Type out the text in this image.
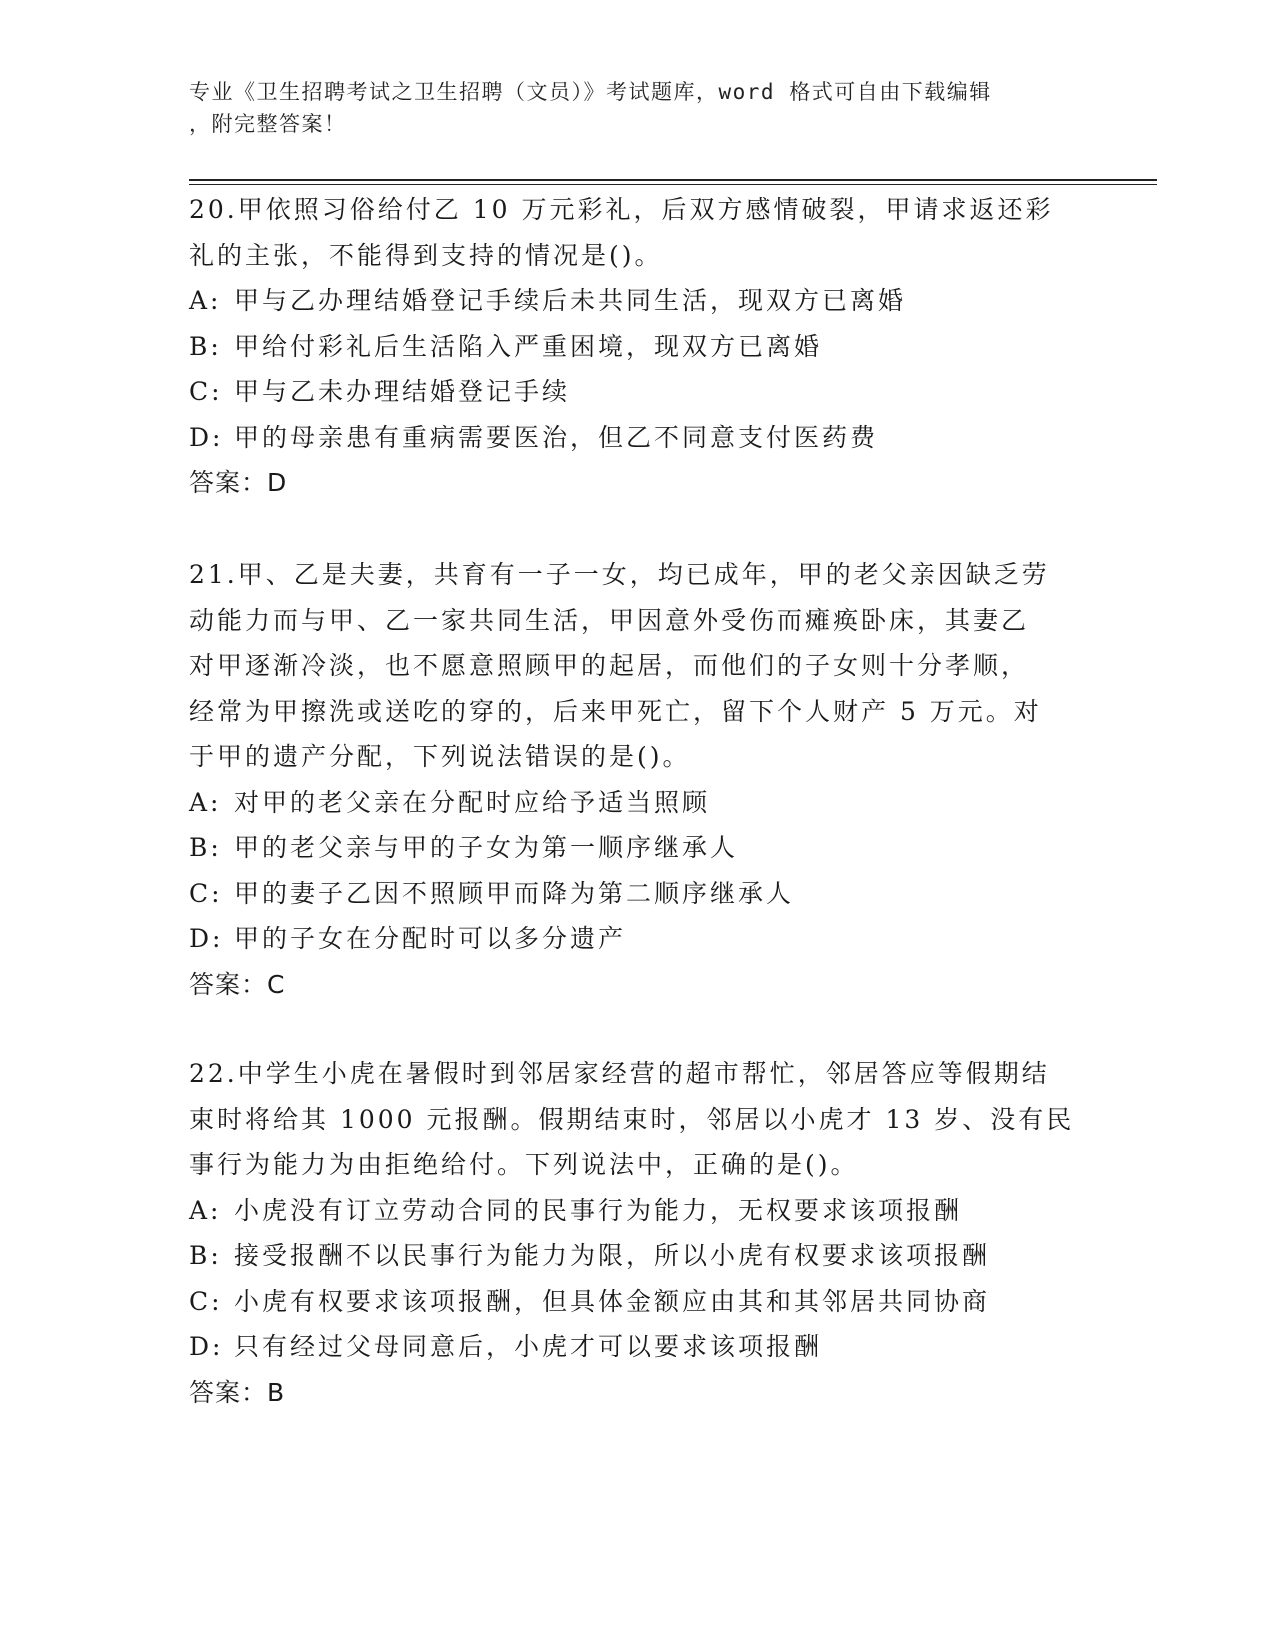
专业《卫生招聘考试之卫生招聘（文员）》考试题库，word 格式可自由下载编辑
，附完整答案！
20.甲依照习俗给付乙 10 万元彩礼，后双方感情破裂，甲请求返还彩
礼的主张，不能得到支持的情况是()。
A: 甲与乙办理结婚登记手续后未共同生活，现双方已离婚
B: 甲给付彩礼后生活陷入严重困境，现双方已离婚
C: 甲与乙未办理结婚登记手续
D: 甲的母亲患有重病需要医治，但乙不同意支付医药费
答案：D
21.甲、乙是夫妻，共育有一子一女，均已成年，甲的老父亲因缺乏劳
动能力而与甲、乙一家共同生活，甲因意外受伤而瘫痪卧床，其妻乙
对甲逐渐冷淡，也不愿意照顾甲的起居，而他们的子女则十分孝顺，
经常为甲擦洗或送吃的穿的，后来甲死亡，留下个人财产 5 万元。对
于甲的遗产分配，下列说法错误的是()。
A: 对甲的老父亲在分配时应给予适当照顾
B: 甲的老父亲与甲的子女为第一顺序继承人
C: 甲的妻子乙因不照顾甲而降为第二顺序继承人
D: 甲的子女在分配时可以多分遗产
答案：C
22.中学生小虎在暑假时到邻居家经营的超市帮忙，邻居答应等假期结
束时将给其 1000 元报酬。假期结束时，邻居以小虎才 13 岁、没有民
事行为能力为由拒绝给付。下列说法中，正确的是()。
A: 小虎没有订立劳动合同的民事行为能力，无权要求该项报酬
B: 接受报酬不以民事行为能力为限，所以小虎有权要求该项报酬
C: 小虎有权要求该项报酬，但具体金额应由其和其邻居共同协商
D: 只有经过父母同意后，小虎才可以要求该项报酬
答案：B
